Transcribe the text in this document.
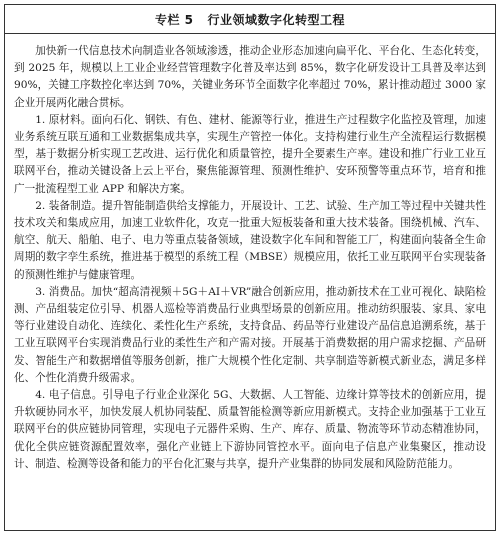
专栏 5 行业领域数字化转型工程

加快新一代信息技术向制造业各领域渗透，推动企业形态加速向扁平化、平台化、生态化转变，到 2025 年，规模以上工业企业经营管理数字化普及率达到 85%，数字化研发设计工具普及率达到 90%，关键工序数控化率达到 70%，关键业务环节全面数字化率超过 70%，累计推动超过 3000 家企业开展两化融合贯标。

1. 原材料。面向石化、钢铁、有色、建材、能源等行业，推进生产过程数字化监控及管理，加速业务系统互联互通和工业数据集成共享，实现生产管控一体化。支持构建行业生产全流程运行数据模型，基于数据分析实现工艺改进、运行优化和质量管控，提升全要素生产率。建设和推广行业工业互联网平台，推动关键设备上云上平台，聚焦能源管理、预测性维护、安环预警等重点环节，培育和推广一批流程型工业 APP 和解决方案。

2. 装备制造。提升智能制造供给支撑能力，开展设计、工艺、试验、生产加工等过程中关键共性技术攻关和集成应用，加速工业软件化，攻克一批重大短板装备和重大技术装备。围绕机械、汽车、航空、航天、船舶、电子、电力等重点装备领域，建设数字化车间和智能工厂，构建面向装备全生命周期的数字孪生系统，推进基于模型的系统工程（MBSE）规模应用，依托工业互联网平台实现装备的预测性维护与健康管理。

3. 消费品。加快“超高清视频＋5G＋AI＋VR”融合创新应用，推动新技术在工业可视化、缺陷检测、产品组装定位引导、机器人巡检等消费品行业典型场景的创新应用。推动纺织服装、家具、家电等行业建设自动化、连续化、柔性化生产系统，支持食品、药品等行业建设产品信息追溯系统，基于工业互联网平台实现消费品行业的柔性生产和产需对接。开展基于消费数据的用户需求挖掘、产品研发、智能生产和数据增值等服务创新，推广大规模个性化定制、共享制造等新模式新业态，满足多样化、个性化消费升级需求。

4. 电子信息。引导电子行业企业深化 5G、大数据、人工智能、边缘计算等技术的创新应用，提升软硬协同水平，加快发展人机协同装配、质量智能检测等新应用新模式。支持企业加强基于工业互联网平台的供应链协同管理，实现电子元器件采购、生产、库存、质量、物流等环节动态精准协同，优化全供应链资源配置效率，强化产业链上下游协同管控水平。面向电子信息产业集聚区，推动设计、制造、检测等设备和能力的平台化汇聚与共享，提升产业集群的协同发展和风险防范能力。
